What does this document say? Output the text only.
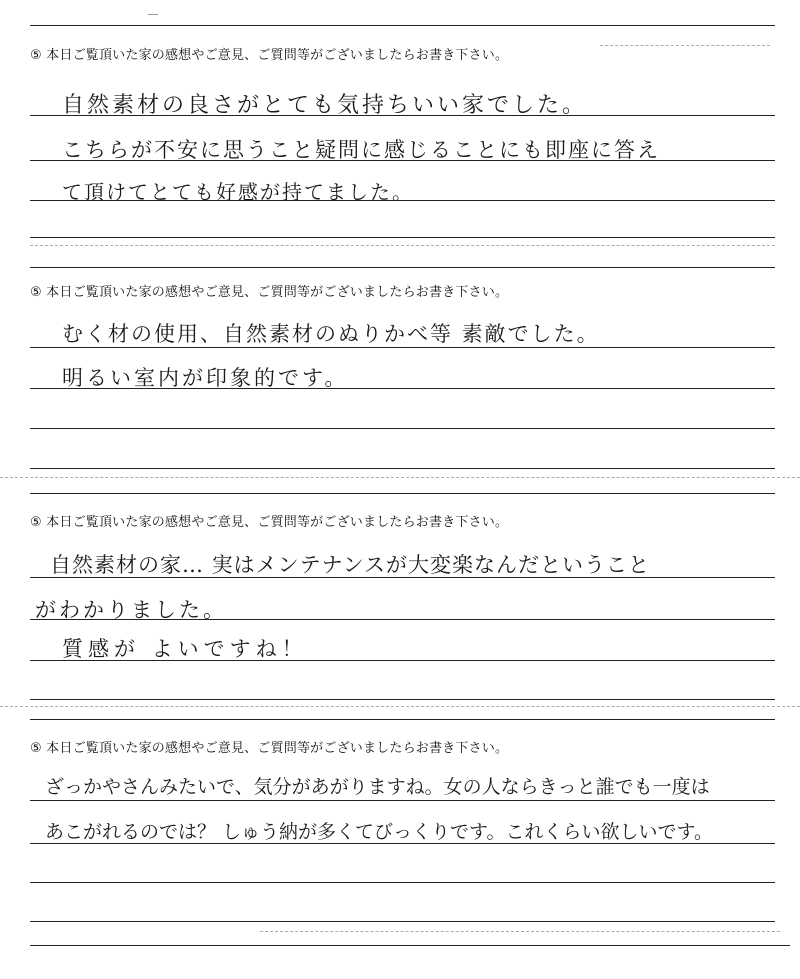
⑤ 本日ご覧頂いた家の感想やご意見、ご質問等がございましたらお書き下さい。
自然素材の良さがとても気持ちいい家でした。
こちらが不安に思うこと疑問に感じることにも即座に答え
て頂けてとても好感が持てました。
⑤ 本日ご覧頂いた家の感想やご意見、ご質問等がございましたらお書き下さい。
むく材の使用、自然素材のぬりかべ等 素敵でした。
明るい室内が印象的です。
⑤ 本日ご覧頂いた家の感想やご意見、ご質問等がございましたらお書き下さい。
自然素材の家… 実はメンテナンスが大変楽なんだということ
がわかりました。
質感が よいですね！
⑤ 本日ご覧頂いた家の感想やご意見、ご質問等がございましたらお書き下さい。
ざっかやさんみたいで、気分があがりますね。女の人ならきっと誰でも一度は
あこがれるのでは？ しゅう納が多くてびっくりです。これくらい欲しいです。
